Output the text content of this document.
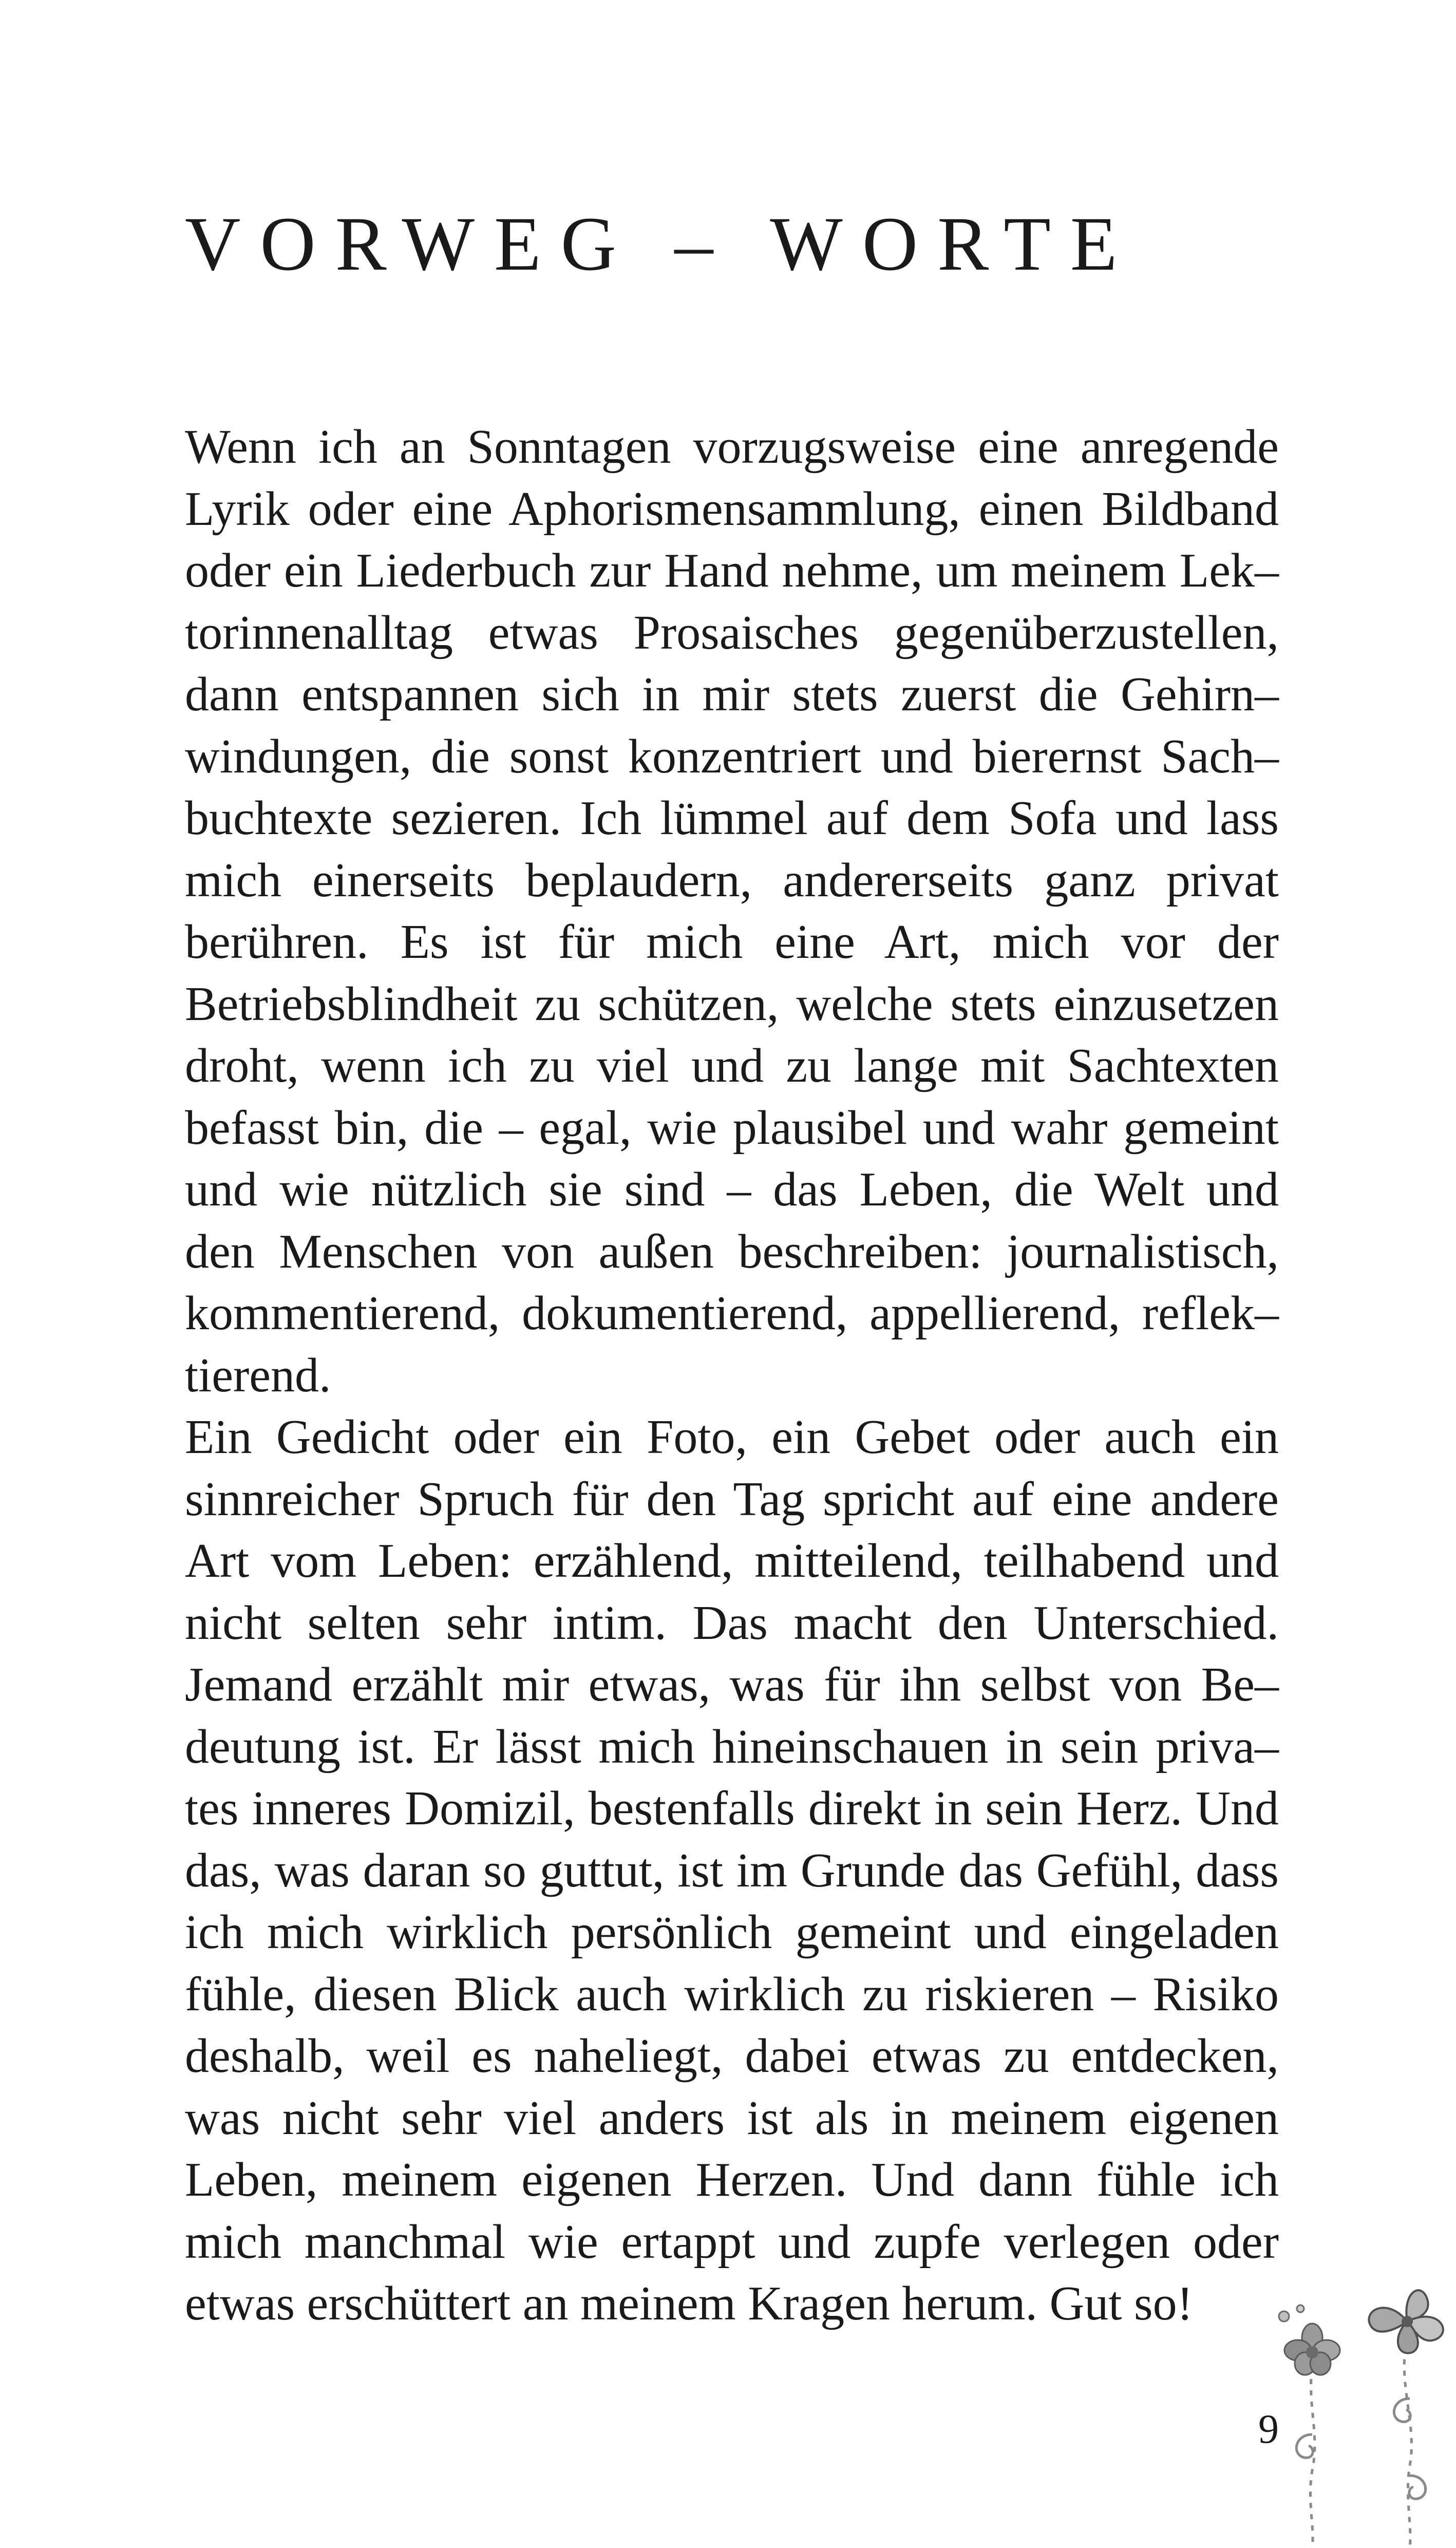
VORWEG – WORTE
Wenn ich an Sonntagen vorzugsweise eine anregende
Lyrik oder eine Aphorismensammlung, einen Bildband
oder ein Liederbuch zur Hand nehme, um meinem Lek–
torinnenalltag etwas Prosaisches gegenüberzustellen,
dann entspannen sich in mir stets zuerst die Gehirn–
windungen, die sonst konzentriert und bierernst Sach–
buchtexte sezieren. Ich lümmel auf dem Sofa und lass
mich einerseits beplaudern, andererseits ganz privat
berühren. Es ist für mich eine Art, mich vor der
Betriebsblindheit zu schützen, welche stets einzusetzen
droht, wenn ich zu viel und zu lange mit Sachtexten
befasst bin, die – egal, wie plausibel und wahr gemeint
und wie nützlich sie sind – das Leben, die Welt und
den Menschen von außen beschreiben: journalistisch,
kommentierend, dokumentierend, appellierend, reflek–
tierend.
Ein Gedicht oder ein Foto, ein Gebet oder auch ein
sinnreicher Spruch für den Tag spricht auf eine andere
Art vom Leben: erzählend, mitteilend, teilhabend und
nicht selten sehr intim. Das macht den Unterschied.
Jemand erzählt mir etwas, was für ihn selbst von Be–
deutung ist. Er lässt mich hineinschauen in sein priva–
tes inneres Domizil, bestenfalls direkt in sein Herz. Und
das, was daran so guttut, ist im Grunde das Gefühl, dass
ich mich wirklich persönlich gemeint und eingeladen
fühle, diesen Blick auch wirklich zu riskieren – Risiko
deshalb, weil es naheliegt, dabei etwas zu entdecken,
was nicht sehr viel anders ist als in meinem eigenen
Leben, meinem eigenen Herzen. Und dann fühle ich
mich manchmal wie ertappt und zupfe verlegen oder
etwas erschüttert an meinem Kragen herum. Gut so!
9
